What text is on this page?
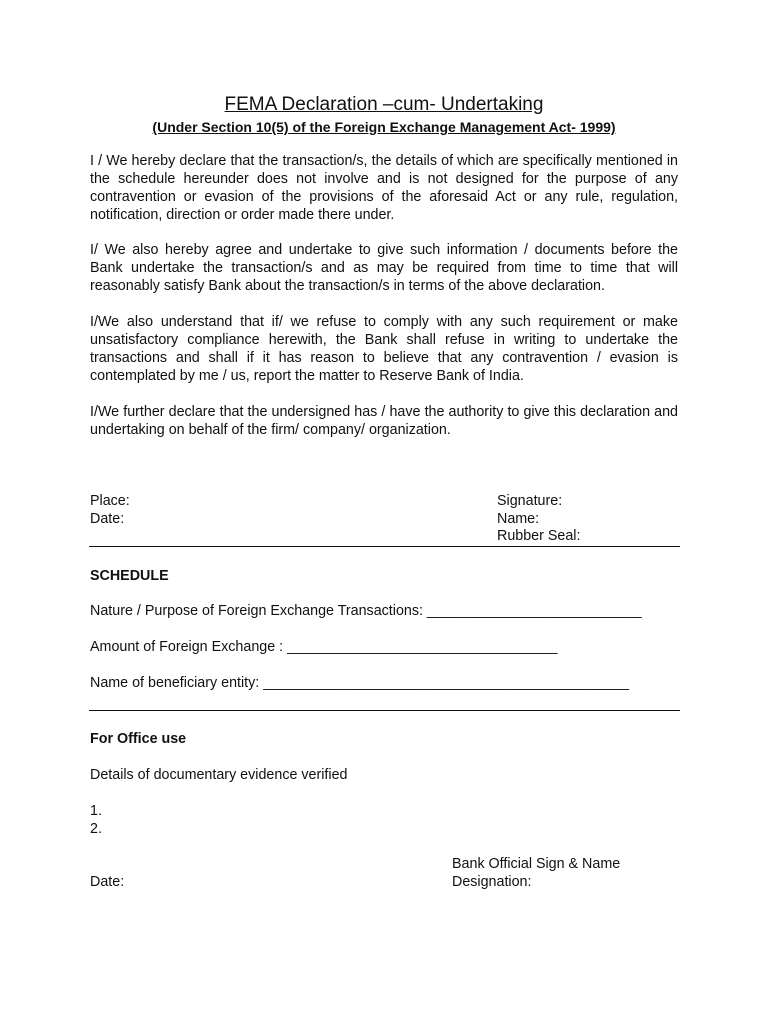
FEMA Declaration –cum- Undertaking
(Under Section 10(5) of the Foreign Exchange Management Act- 1999)

I / We hereby declare that the transaction/s, the details of which are specifically mentioned in the schedule hereunder does not involve and is not designed for the purpose of any contravention or evasion of the provisions of the aforesaid Act or any rule, regulation, notification, direction or order made there under.

I/ We also hereby agree and undertake to give such information / documents before the Bank undertake the transaction/s and as may be required from time to time that will reasonably satisfy Bank about the transaction/s in terms of the above declaration.

I/We also understand that if/ we refuse to comply with any such requirement or make unsatisfactory compliance herewith, the Bank shall refuse in writing to undertake the transactions and shall if it has reason to believe that any contravention / evasion is contemplated by me / us, report the matter to Reserve Bank of India.

I/We further declare that the undersigned has / have the authority to give this declaration and undertaking on behalf of the firm/ company/ organization.

Place:
Date:
Signature:
Name:
Rubber Seal:
SCHEDULE
Nature / Purpose of Foreign Exchange Transactions: ___________________________
Amount of Foreign Exchange : __________________________________
Name of beneficiary entity: ______________________________________________
For Office use
Details of documentary evidence verified
1.
2.
Bank Official Sign & Name
Date:	Designation:
